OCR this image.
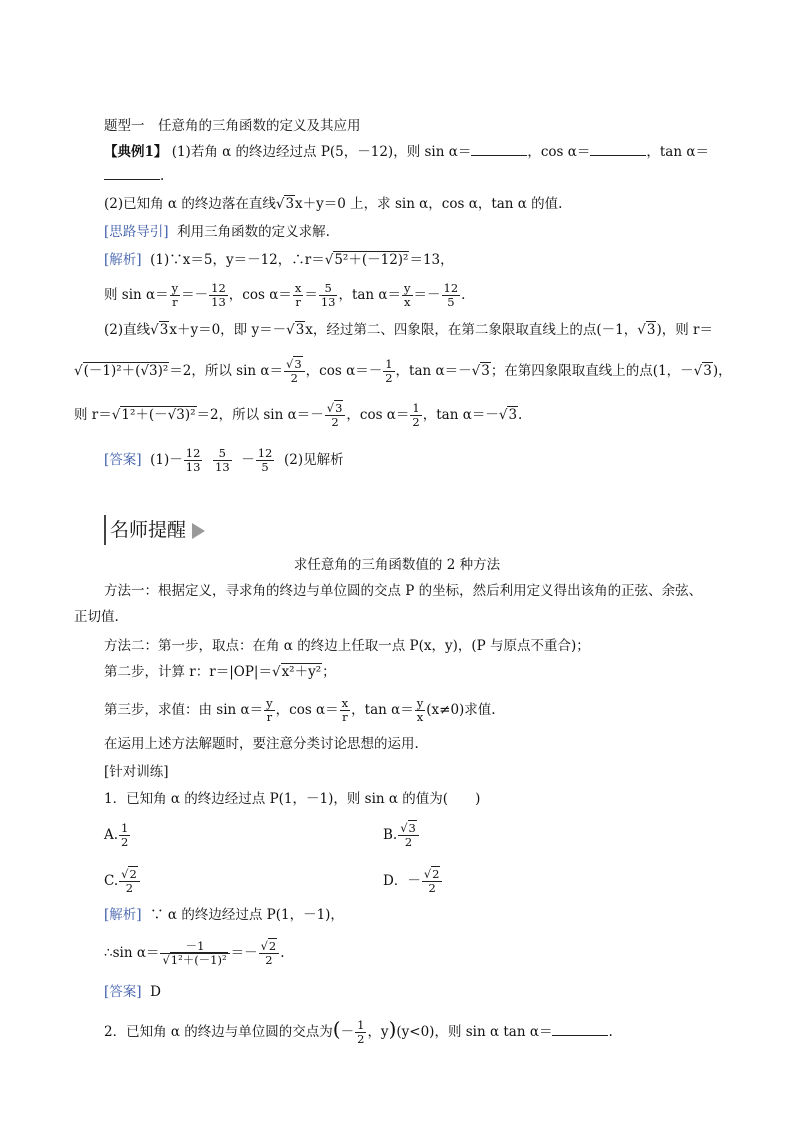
题型一　任意角的三角函数的定义及其应用
【典例1】 (1)若角 α 的终边经过点 P(5，－12)，则 sin α＝	，cos α＝	，tan α＝
.
(2)已知角 α 的终边落在直线√3x＋y＝0 上，求 sin α，cos α，tan α 的值.
[思路导引] 利用三角函数的定义求解.
[解析] (1)∵x＝5，y＝－12，∴r＝√5²＋(－12)²＝13，
则 $\sin \alpha= \frac{y}{r} =- \frac{12}{13}$ ，$\cos \alpha= \frac{x}{r} = \frac{5}{13}$ ，$\tan \alpha= \frac{y}{x} =- \frac{12}{5}$ .
(2)直线√3x＋y＝0，即 y＝－√3x，经过第二、四象限，在第二象限取直线上的点(－1，√3)，则 r＝
√(－1)²＋(√3)²＝2，所以 $\sin \alpha= \frac{√3}{2}$ ，$\cos \alpha=- \frac{1}{2}$ ，tan α＝－√3；在第四象限取直线上的点(1，－√3)，
则 r＝√1²＋(－√3)²＝2，所以 $\sin \alpha=- \frac{√3}{2}$ ，$\cos \alpha= \frac{1}{2}$ ，tan α＝－√3.
[答案] $(1)- \frac{12}{13}$
$\frac{5}{13} - \frac{12}{5} (2)$见解析
名师提醒
求任意角的三角函数值的 2 种方法
方法一：根据定义，寻求角的终边与单位圆的交点 P 的坐标，然后利用定义得出该角的正弦、余弦、
正切值.
方法二：第一步，取点：在角 α 的终边上任取一点 P(x，y)，(P 与原点不重合)；
第二步，计算 r：r＝|OP|＝√x²＋y²；
第三步，求值：由 $\sin \alpha= \frac{y}{r}$ ，$\cos \alpha= \frac{x}{r}$ ，$\tan \alpha= \frac{y}{x} (x\ne 0)$求值.
在运用上述方法解题时，要注意分类讨论思想的运用.
[针对训练]
1．已知角 α 的终边经过点 P(1，－1)，则 sin α 的值为(　　)
A. $\frac{1}{2}$	B. $\frac{√3}{2}$
C. $\frac{√2}{2}$	D．－ $\frac{√2}{2}$
[解析] ∵ α 的终边经过点 P(1，－1)，
∴sin $\alpha= \frac{-1}{\text{√1²＋(－1)²}} =- \frac{√2}{2}$ .
[答案] D
2．已知角 α 的终边与单位圆的交点为(－ $\frac{1}{2}$ ，y)(y<0)，则 sin α tan α＝	.
